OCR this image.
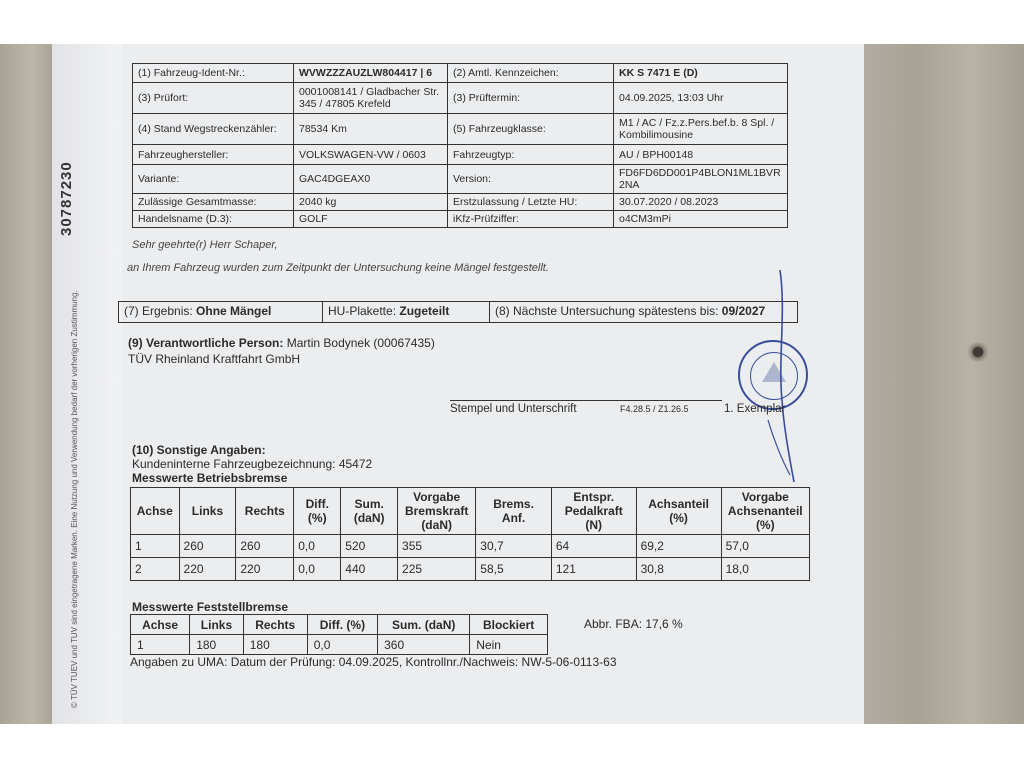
30787230
© TÜV TUEV und TUV sind eingetragene Marken. Eine Nutzung und Verwendung bedarf der vorherigen Zustimmung.
(1) Fahrzeug-Ident-Nr.:	WVWZZZAUZLW804417 | 6	(2) Amtl. Kennzeichen:	KK S 7471 E (D)
(3) Prüfort:	0001008141 / Gladbacher Str. 345 / 47805 Krefeld	(3) Prüftermin:	04.09.2025, 13:03 Uhr
(4) Stand Wegstreckenzähler:	78534 Km	(5) Fahrzeugklasse:	M1 / AC / Fz.z.Pers.bef.b. 8 Spl. / Kombilimousine
Fahrzeughersteller:	VOLKSWAGEN-VW / 0603	Fahrzeugtyp:	AU / BPH00148
Variante:	GAC4DGEAX0	Version:	FD6FD6DD001P4BLON1ML1BVR2NA
Zulässige Gesamtmasse:	2040 kg	Erstzulassung / Letzte HU:	30.07.2020 / 08.2023
Handelsname (D.3):	GOLF	iKfz-Prüfziffer:	o4CM3mPi
Sehr geehrte(r) Herr Schaper,
an Ihrem Fahrzeug wurden zum Zeitpunkt der Untersuchung keine Mängel festgestellt.
(7) Ergebnis: Ohne Mängel	HU-Plakette: Zugeteilt	(8) Nächste Untersuchung spätestens bis: 09/2027
(9) Verantwortliche Person: Martin Bodynek (00067435)
TÜV Rheinland Kraftfahrt GmbH
Stempel und Unterschrift	F4.28.5 / Z1.26.5	1. Exemplar
(10) Sonstige Angaben:
Kundeninterne Fahrzeugbezeichnung: 45472
Messwerte Betriebsbremse
Achse	Links	Rechts	Diff. (%)	Sum. (daN)	Vorgabe Bremskraft (daN)	Brems. Anf.	Entspr. Pedalkraft (N)	Achsanteil (%)	Vorgabe Achsenanteil (%)
1	260	260	0,0	520	355	30,7	64	69,2	57,0
2	220	220	0,0	440	225	58,5	121	30,8	18,0
Messwerte Feststellbremse
Achse	Links	Rechts	Diff. (%)	Sum. (daN)	Blockiert
1	180	180	0,0	360	Nein
Abbr. FBA: 17,6 %
Angaben zu UMA: Datum der Prüfung: 04.09.2025, Kontrollnr./Nachweis: NW-5-06-0113-63
